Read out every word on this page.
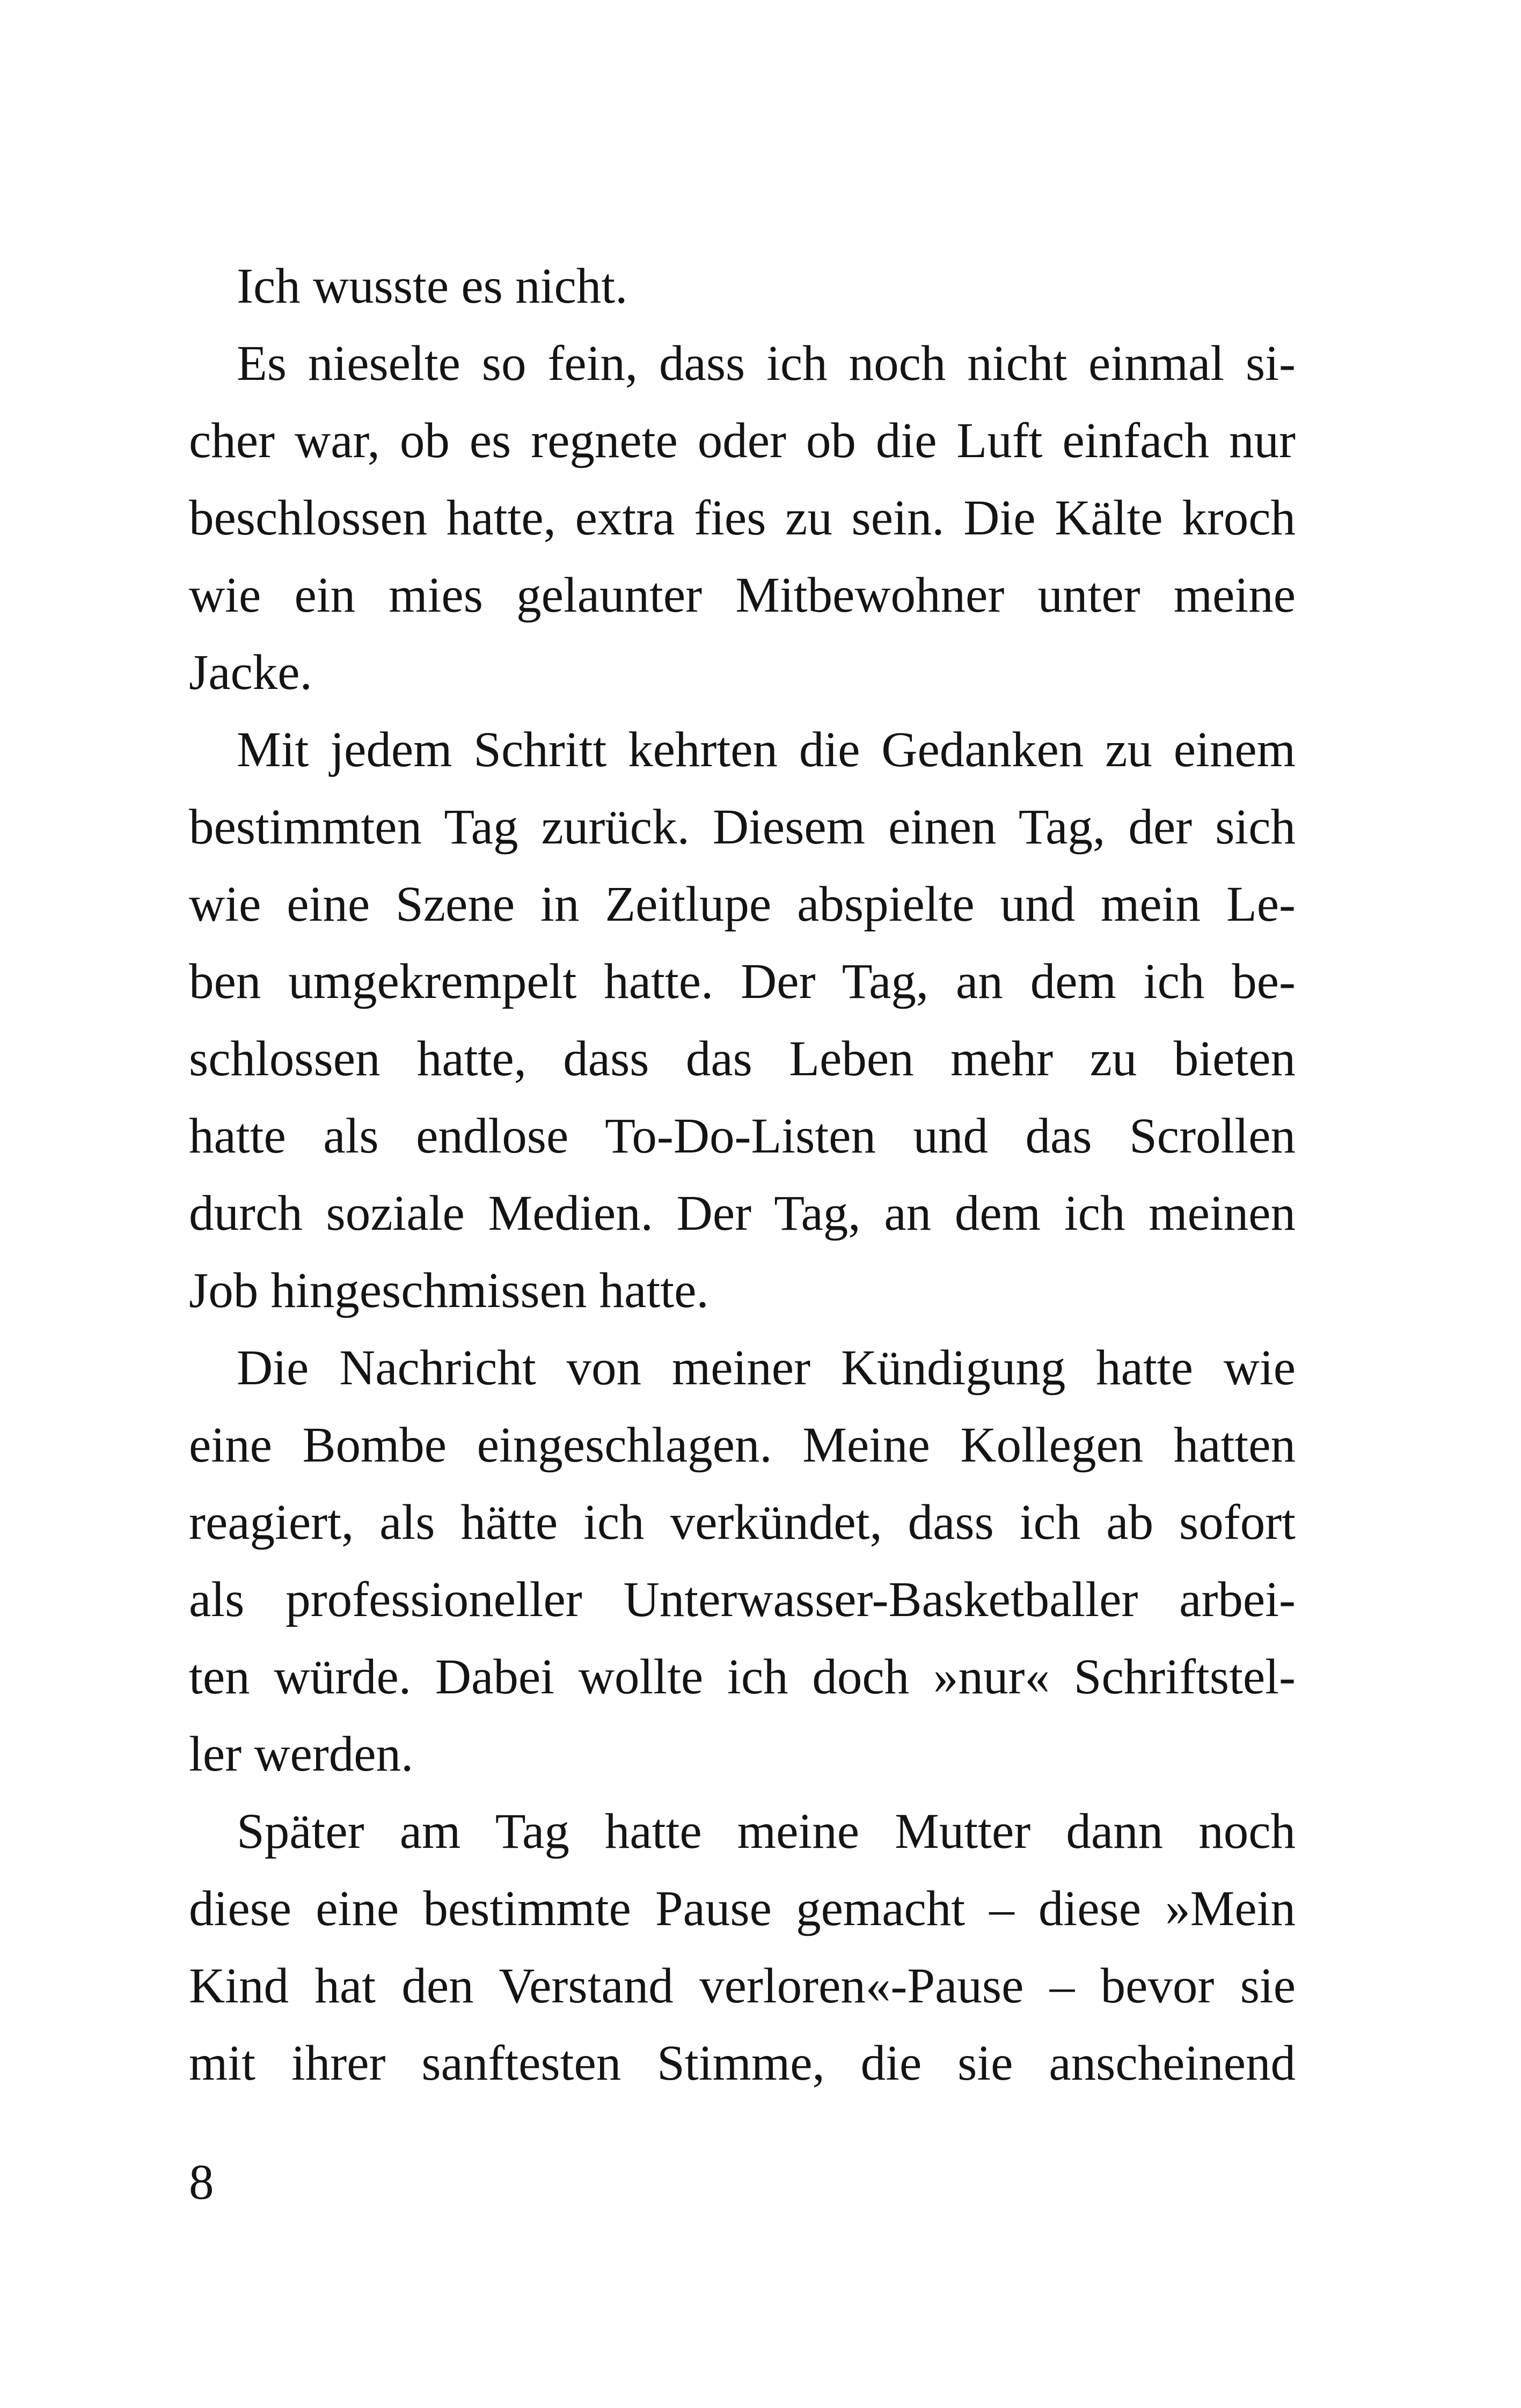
Ich wusste es nicht.
Es nieselte so fein, dass ich noch nicht einmal si-
cher war, ob es regnete oder ob die Luft einfach nur
beschlossen hatte, extra fies zu sein. Die Kälte kroch
wie ein mies gelaunter Mitbewohner unter meine
Jacke.
Mit jedem Schritt kehrten die Gedanken zu einem
bestimmten Tag zurück. Diesem einen Tag, der sich
wie eine Szene in Zeitlupe abspielte und mein Le-
ben umgekrempelt hatte. Der Tag, an dem ich be-
schlossen hatte, dass das Leben mehr zu bieten
hatte als endlose To-Do-Listen und das Scrollen
durch soziale Medien. Der Tag, an dem ich meinen
Job hingeschmissen hatte.
Die Nachricht von meiner Kündigung hatte wie
eine Bombe eingeschlagen. Meine Kollegen hatten
reagiert, als hätte ich verkündet, dass ich ab sofort
als professioneller Unterwasser-Basketballer arbei-
ten würde. Dabei wollte ich doch »nur« Schriftstel-
ler werden.
Später am Tag hatte meine Mutter dann noch
diese eine bestimmte Pause gemacht – diese »Mein
Kind hat den Verstand verloren«-Pause – bevor sie
mit ihrer sanftesten Stimme, die sie anscheinend
8
